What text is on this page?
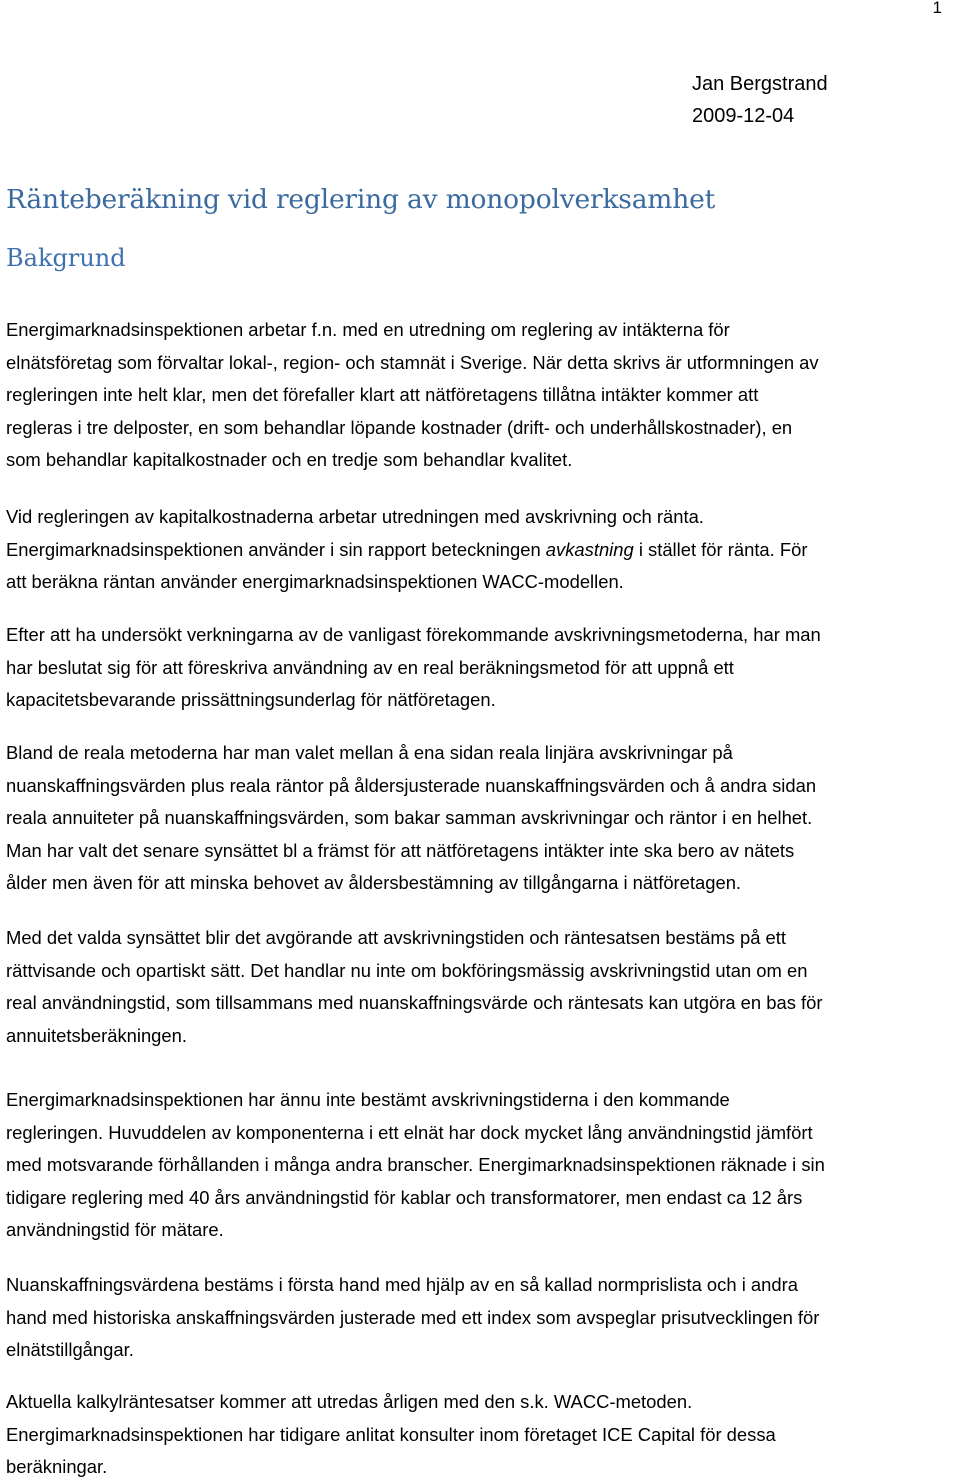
1
Jan Bergstrand
2009-12-04
Ränteberäkning vid reglering av monopolverksamhet
Bakgrund

Energimarknadsinspektionen arbetar f.n. med en utredning om reglering av intäkterna för
elnätsföretag som förvaltar lokal-, region- och stamnät i Sverige. När detta skrivs är utformningen av
regleringen inte helt klar, men det förefaller klart att nätföretagens tillåtna intäkter kommer att
regleras i tre delposter, en som behandlar löpande kostnader (drift- och underhållskostnader), en
som behandlar kapitalkostnader och en tredje som behandlar kvalitet.

Vid regleringen av kapitalkostnaderna arbetar utredningen med avskrivning och ränta.
Energimarknadsinspektionen använder i sin rapport beteckningen avkastning i stället för ränta. För
att beräkna räntan använder energimarknadsinspektionen WACC-modellen.

Efter att ha undersökt verkningarna av de vanligast förekommande avskrivningsmetoderna, har man
har beslutat sig för att föreskriva användning av en real beräkningsmetod för att uppnå ett
kapacitetsbevarande prissättningsunderlag för nätföretagen.

Bland de reala metoderna har man valet mellan å ena sidan reala linjära avskrivningar på
nuanskaffningsvärden plus reala räntor på åldersjusterade nuanskaffningsvärden och å andra sidan
reala annuiteter på nuanskaffningsvärden, som bakar samman avskrivningar och räntor i en helhet.
Man har valt det senare synsättet bl a främst för att nätföretagens intäkter inte ska bero av nätets
ålder men även för att minska behovet av åldersbestämning av tillgångarna i nätföretagen.

Med det valda synsättet blir det avgörande att avskrivningstiden och räntesatsen bestäms på ett
rättvisande och opartiskt sätt. Det handlar nu inte om bokföringsmässig avskrivningstid utan om en
real användningstid, som tillsammans med nuanskaffningsvärde och räntesats kan utgöra en bas för
annuitetsberäkningen.

Energimarknadsinspektionen har ännu inte bestämt avskrivningstiderna i den kommande
regleringen. Huvuddelen av komponenterna i ett elnät har dock mycket lång användningstid jämfört
med motsvarande förhållanden i många andra branscher. Energimarknadsinspektionen räknade i sin
tidigare reglering med 40 års användningstid för kablar och transformatorer, men endast ca 12 års
användningstid för mätare.

Nuanskaffningsvärdena bestäms i första hand med hjälp av en så kallad normprislista och i andra
hand med historiska anskaffningsvärden justerade med ett index som avspeglar prisutvecklingen för
elnätstillgångar.

Aktuella kalkylräntesatser kommer att utredas årligen med den s.k. WACC-metoden.
Energimarknadsinspektionen har tidigare anlitat konsulter inom företaget ICE Capital för dessa
beräkningar.
